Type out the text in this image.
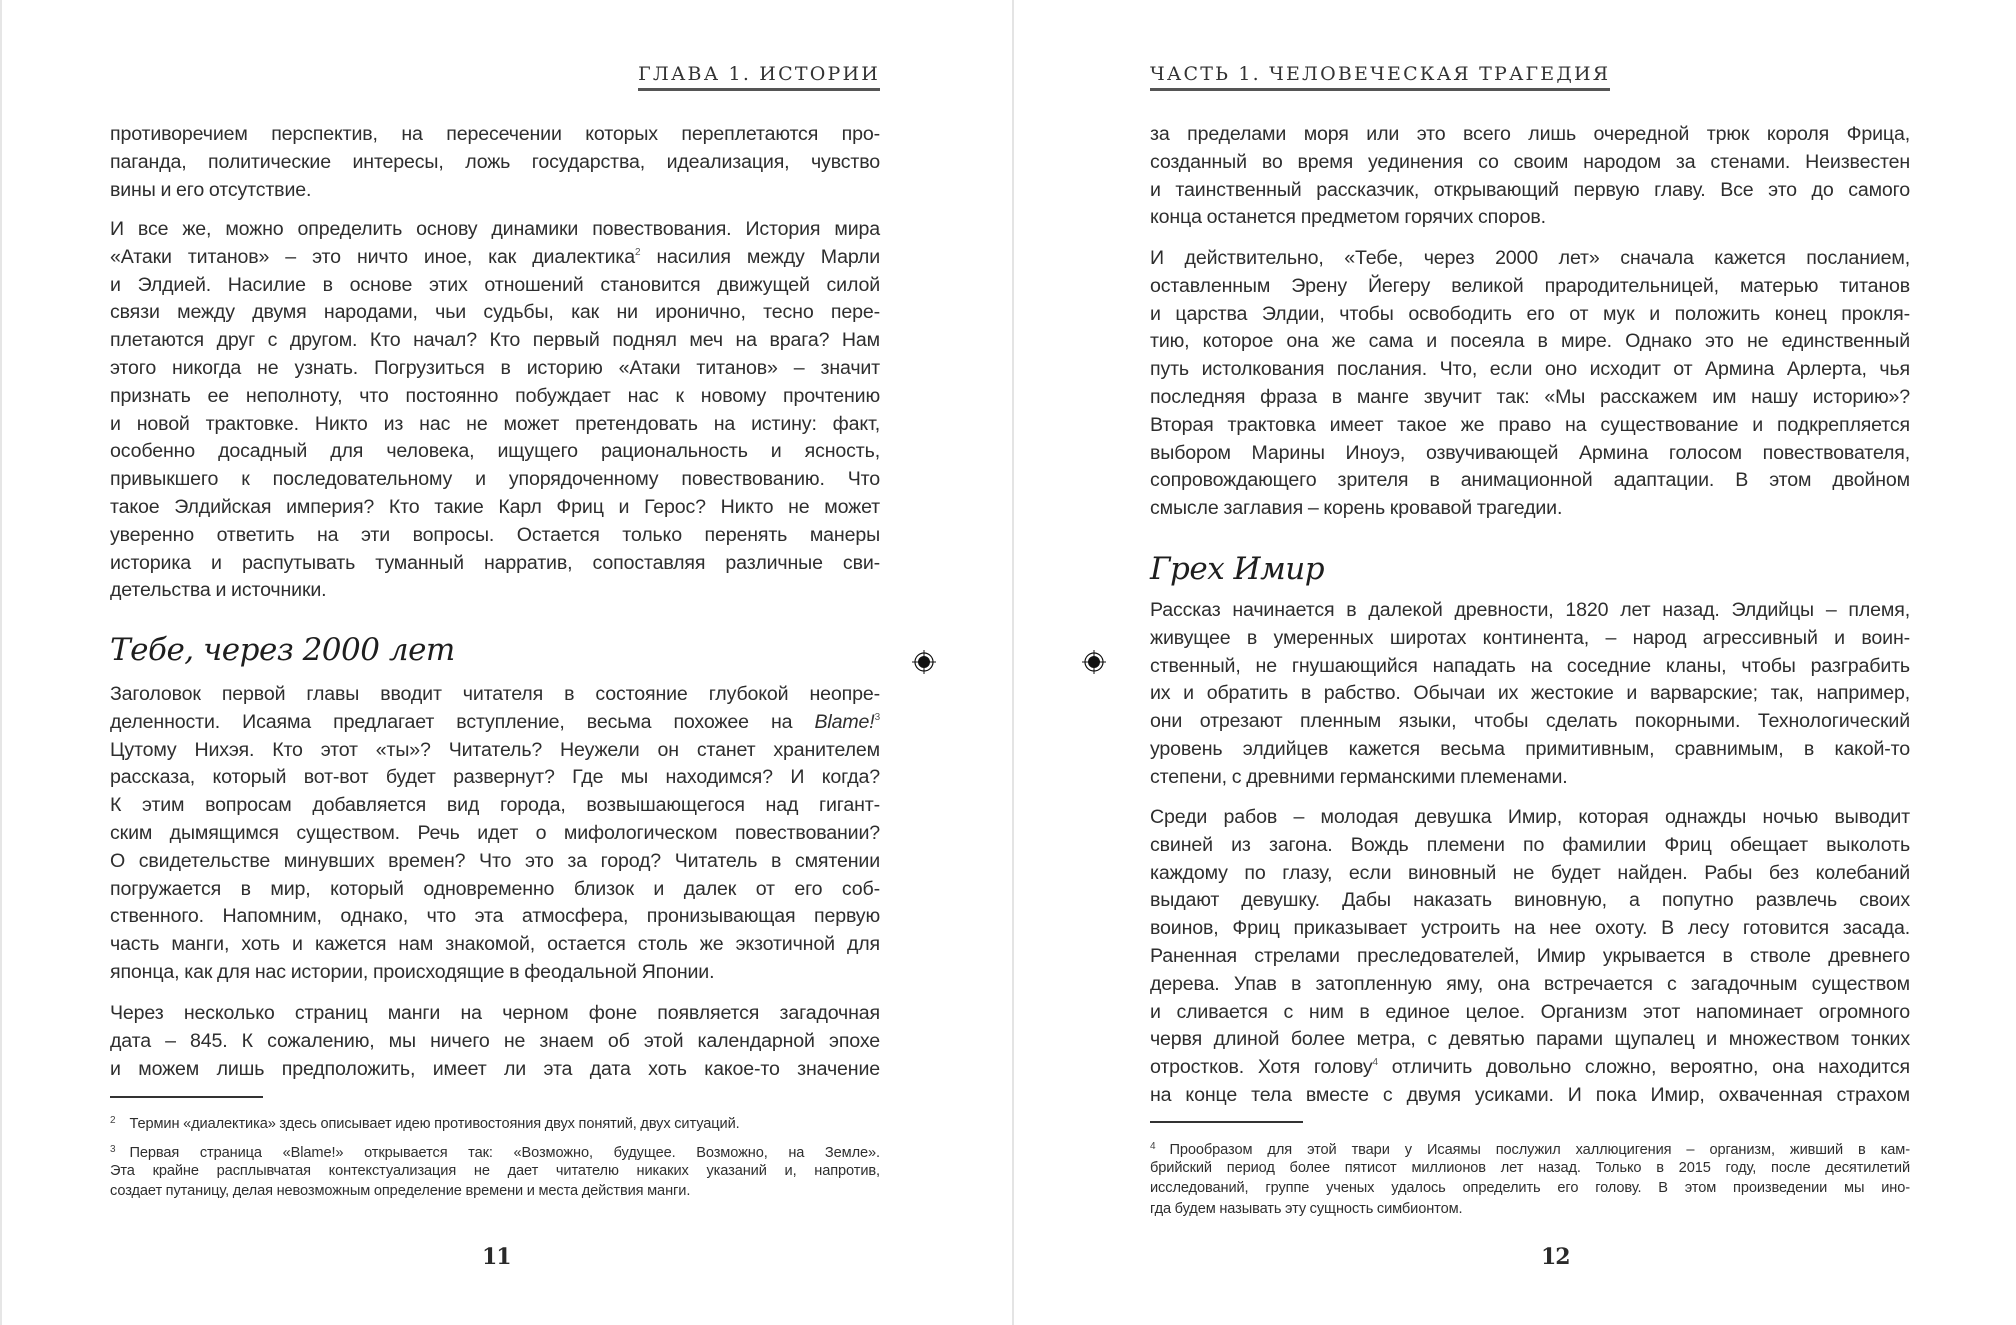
ГЛАВА 1. ИСТОРИИ
противоречием перспектив, на пересечении которых переплетаются про-
паганда, политические интересы, ложь государства, идеализация, чувство
вины и его отсутствие.
И все же, можно определить основу динамики повествования. История мира
«Атаки титанов» – это ничто иное, как диалектика$^2$ насилия между Марли
и Элдией. Насилие в основе этих отношений становится движущей силой
связи между двумя народами, чьи судьбы, как ни иронично, тесно пере-
плетаются друг с другом. Кто начал? Кто первый поднял меч на врага? Нам
этого никогда не узнать. Погрузиться в историю «Атаки титанов» – значит
признать ее неполноту, что постоянно побуждает нас к новому прочтению
и новой трактовке. Никто из нас не может претендовать на истину: факт,
особенно досадный для человека, ищущего рациональность и ясность,
привыкшего к последовательному и упорядоченному повествованию. Что
такое Элдийская империя? Кто такие Карл Фриц и Герос? Никто не может
уверенно ответить на эти вопросы. Остается только перенять манеры
историка и распутывать туманный нарратив, сопоставляя различные сви-
детельства и источники.
Тебе, через 2000 лет
Заголовок первой главы вводит читателя в состояние глубокой неопре-
деленности. Исаяма предлагает вступление, весьма похожее на Blame!$^3$
Цутому Нихэя. Кто этот «ты»? Читатель? Неужели он станет хранителем
рассказа, который вот-вот будет развернут? Где мы находимся? И когда?
К этим вопросам добавляется вид города, возвышающегося над гигант-
ским дымящимся существом. Речь идет о мифологическом повествовании?
О свидетельстве минувших времен? Что это за город? Читатель в смятении
погружается в мир, который одновременно близок и далек от его соб-
ственного. Напомним, однако, что эта атмосфера, пронизывающая первую
часть манги, хоть и кажется нам знакомой, остается столь же экзотичной для
японца, как для нас истории, происходящие в феодальной Японии.
Через несколько страниц манги на черном фоне появляется загадочная
дата – 845. К сожалению, мы ничего не знаем об этой календарной эпохе
и можем лишь предположить, имеет ли эта дата хоть какое-то значение
$^2$ Термин «диалектика» здесь описывает идею противостояния двух понятий, двух ситуаций.
$^3$ Первая страница «Blame!» открывается так: «Возможно, будущее. Возможно, на Земле».
Эта крайне расплывчатая контекстуализация не дает читателю никаких указаний и, напротив,
создает путаницу, делая невозможным определение времени и места действия манги.
11
ЧАСТЬ 1. ЧЕЛОВЕЧЕСКАЯ ТРАГЕДИЯ
за пределами моря или это всего лишь очередной трюк короля Фрица,
созданный во время уединения со своим народом за стенами. Неизвестен
и таинственный рассказчик, открывающий первую главу. Все это до самого
конца останется предметом горячих споров.
И действительно, «Тебе, через 2000 лет» сначала кажется посланием,
оставленным Эрену Йегеру великой прародительницей, матерью титанов
и царства Элдии, чтобы освободить его от мук и положить конец прокля-
тию, которое она же сама и посеяла в мире. Однако это не единственный
путь истолкования послания. Что, если оно исходит от Армина Арлерта, чья
последняя фраза в манге звучит так: «Мы расскажем им нашу историю»?
Вторая трактовка имеет такое же право на существование и подкрепляется
выбором Марины Иноуэ, озвучивающей Армина голосом повествователя,
сопровождающего зрителя в анимационной адаптации. В этом двойном
смысле заглавия – корень кровавой трагедии.
Грех Имир
Рассказ начинается в далекой древности, 1820 лет назад. Элдийцы – племя,
живущее в умеренных широтах континента, – народ агрессивный и воин-
ственный, не гнушающийся нападать на соседние кланы, чтобы разграбить
их и обратить в рабство. Обычаи их жестокие и варварские; так, например,
они отрезают пленным языки, чтобы сделать покорными. Технологический
уровень элдийцев кажется весьма примитивным, сравнимым, в какой-то
степени, с древними германскими племенами.
Среди рабов – молодая девушка Имир, которая однажды ночью выводит
свиней из загона. Вождь племени по фамилии Фриц обещает выколоть
каждому по глазу, если виновный не будет найден. Рабы без колебаний
выдают девушку. Дабы наказать виновную, а попутно развлечь своих
воинов, Фриц приказывает устроить на нее охоту. В лесу готовится засада.
Раненная стрелами преследователей, Имир укрывается в стволе древнего
дерева. Упав в затопленную яму, она встречается с загадочным существом
и сливается с ним в единое целое. Организм этот напоминает огромного
червя длиной более метра, с девятью парами щупалец и множеством тонких
отростков. Хотя голову$^4$ отличить довольно сложно, вероятно, она находится
на конце тела вместе с двумя усиками. И пока Имир, охваченная страхом
$^4$ Прообразом для этой твари у Исаямы послужил халлюцигения – организм, живший в кам-
брийский период более пятисот миллионов лет назад. Только в 2015 году, после десятилетий
исследований, группе ученых удалось определить его голову. В этом произведении мы ино-
гда будем называть эту сущность симбионтом.
12
